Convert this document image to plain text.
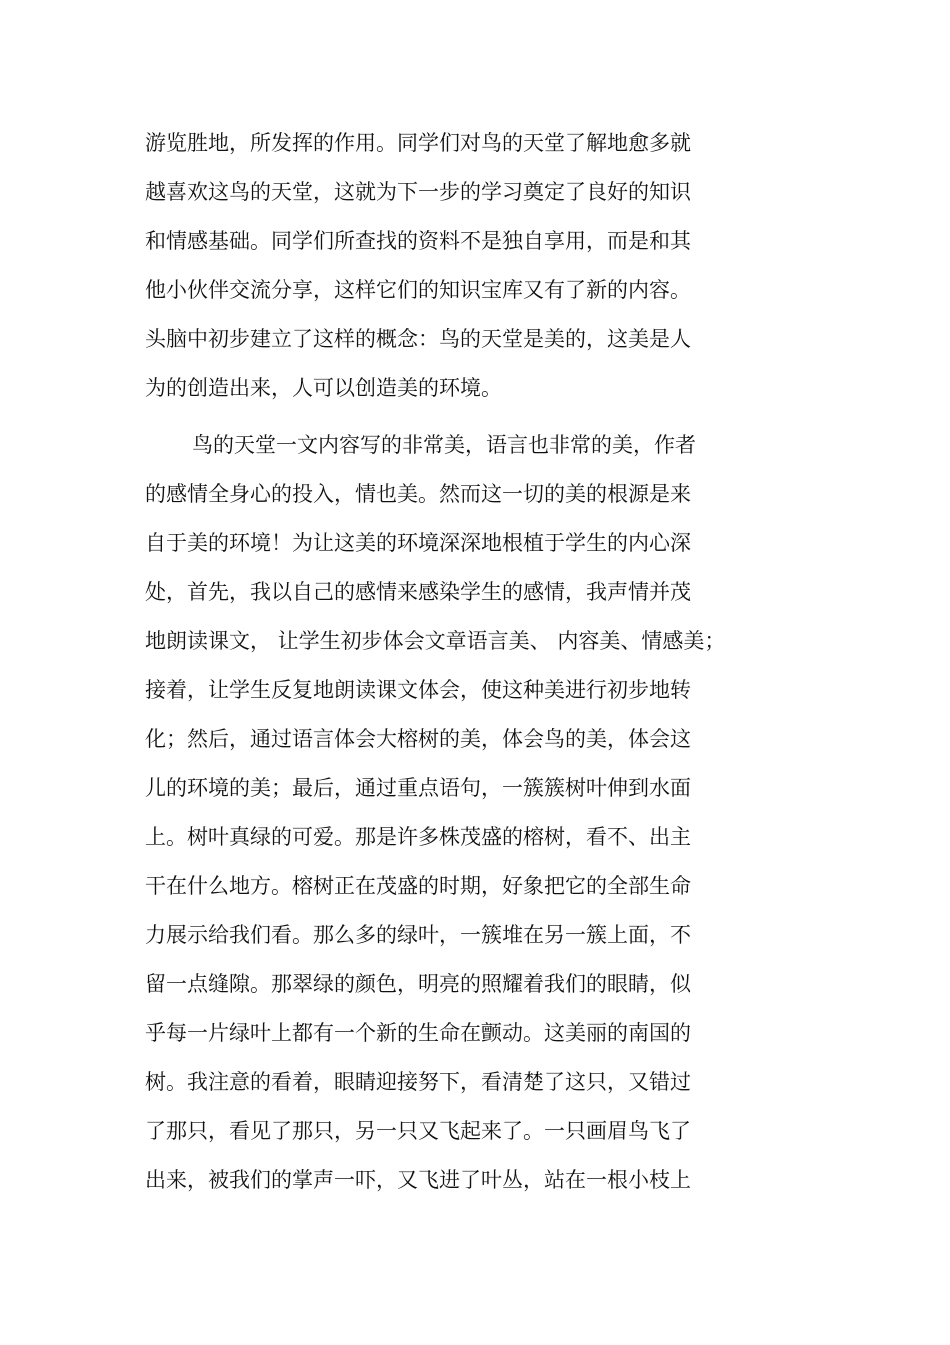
游览胜地，所发挥的作用。同学们对鸟的天堂了解地愈多就
越喜欢这鸟的天堂，这就为下一步的学习奠定了良好的知识
和情感基础。同学们所查找的资料不是独自享用，而是和其
他小伙伴交流分享，这样它们的知识宝库又有了新的内容。
头脑中初步建立了这样的概念：鸟的天堂是美的，这美是人
为的创造出来，人可以创造美的环境。
鸟的天堂一文内容写的非常美，语言也非常的美，作者
的感情全身心的投入，情也美。然而这一切的美的根源是来
自于美的环境！为让这美的环境深深地根植于学生的内心深
处，首先，我以自己的感情来感染学生的感情，我声情并茂
地朗读课文， 让学生初步体会文章语言美、 内容美、情感美；
接着，让学生反复地朗读课文体会，使这种美进行初步地转
化；然后，通过语言体会大榕树的美，体会鸟的美，体会这
儿的环境的美；最后，通过重点语句，一簇簇树叶伸到水面
上。树叶真绿的可爱。那是许多株茂盛的榕树，看不、出主
干在什么地方。榕树正在茂盛的时期，好象把它的全部生命
力展示给我们看。那么多的绿叶，一簇堆在另一簇上面，不
留一点缝隙。那翠绿的颜色，明亮的照耀着我们的眼睛，似
乎每一片绿叶上都有一个新的生命在颤动。这美丽的南国的
树。我注意的看着，眼睛迎接努下，看清楚了这只，又错过
了那只，看见了那只，另一只又飞起来了。一只画眉鸟飞了
出来，被我们的掌声一吓，又飞进了叶丛，站在一根小枝上
